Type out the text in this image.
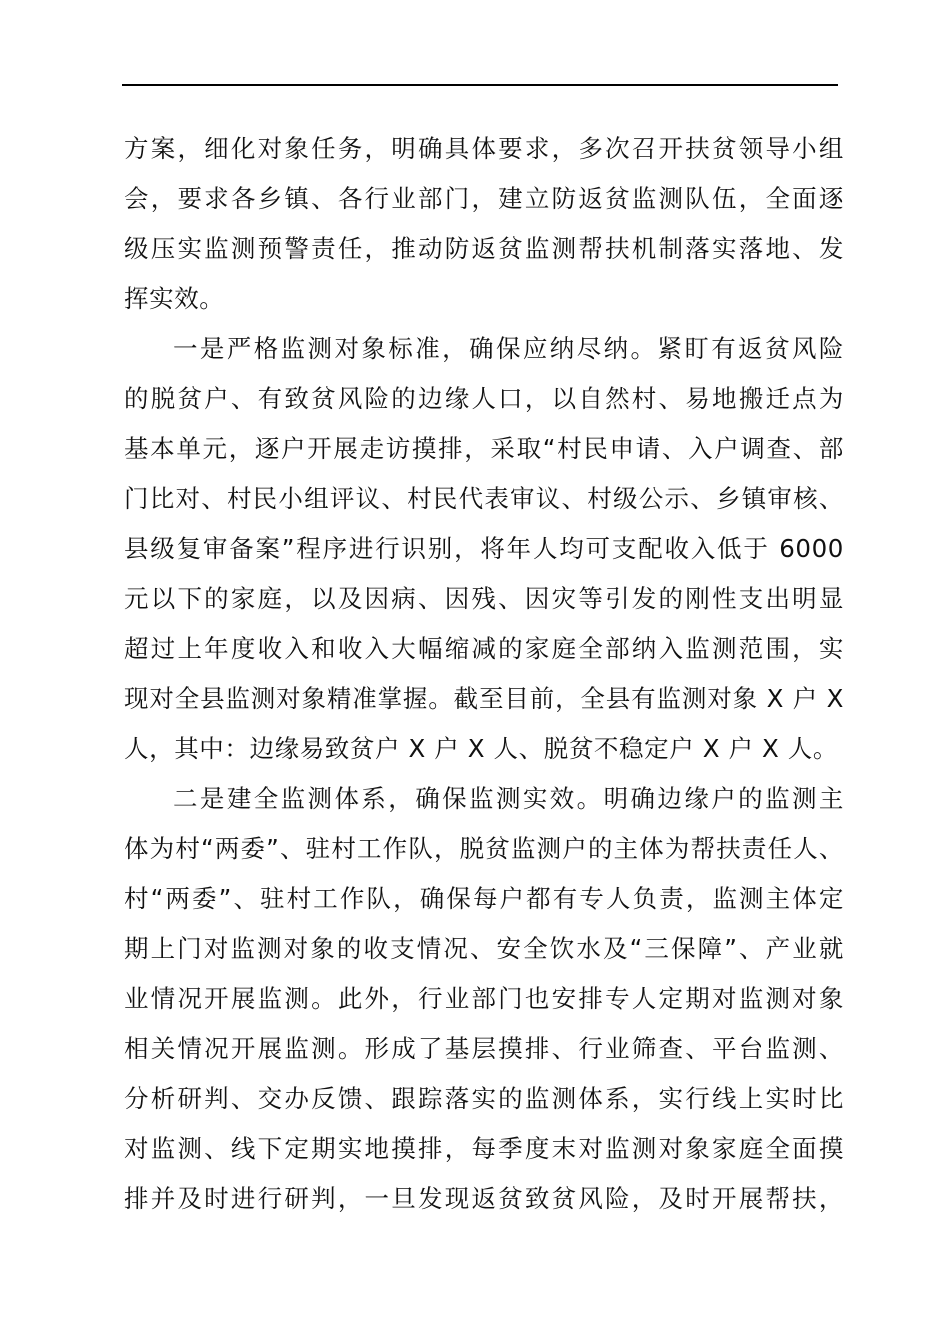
方案，细化对象任务，明确具体要求，多次召开扶贫领导小组
会，要求各乡镇、各行业部门，建立防返贫监测队伍，全面逐
级压实监测预警责任，推动防返贫监测帮扶机制落实落地、发
挥实效。
一是严格监测对象标准，确保应纳尽纳。紧盯有返贫风险
的脱贫户、有致贫风险的边缘人口，以自然村、易地搬迁点为
基本单元，逐户开展走访摸排，采取“村民申请、入户调查、部
门比对、村民小组评议、村民代表审议、村级公示、乡镇审核、
县级复审备案”程序进行识别，将年人均可支配收入低于 6000
元以下的家庭，以及因病、因残、因灾等引发的刚性支出明显
超过上年度收入和收入大幅缩减的家庭全部纳入监测范围，实
现对全县监测对象精准掌握。截至目前，全县有监测对象 X 户 X
人，其中：边缘易致贫户 X 户 X 人、脱贫不稳定户 X 户 X 人。
二是建全监测体系，确保监测实效。明确边缘户的监测主
体为村“两委”、驻村工作队，脱贫监测户的主体为帮扶责任人、
村“两委”、驻村工作队，确保每户都有专人负责，监测主体定
期上门对监测对象的收支情况、安全饮水及“三保障”、产业就
业情况开展监测。此外，行业部门也安排专人定期对监测对象
相关情况开展监测。形成了基层摸排、行业筛查、平台监测、
分析研判、交办反馈、跟踪落实的监测体系，实行线上实时比
对监测、线下定期实地摸排，每季度末对监测对象家庭全面摸
排并及时进行研判，一旦发现返贫致贫风险，及时开展帮扶，
